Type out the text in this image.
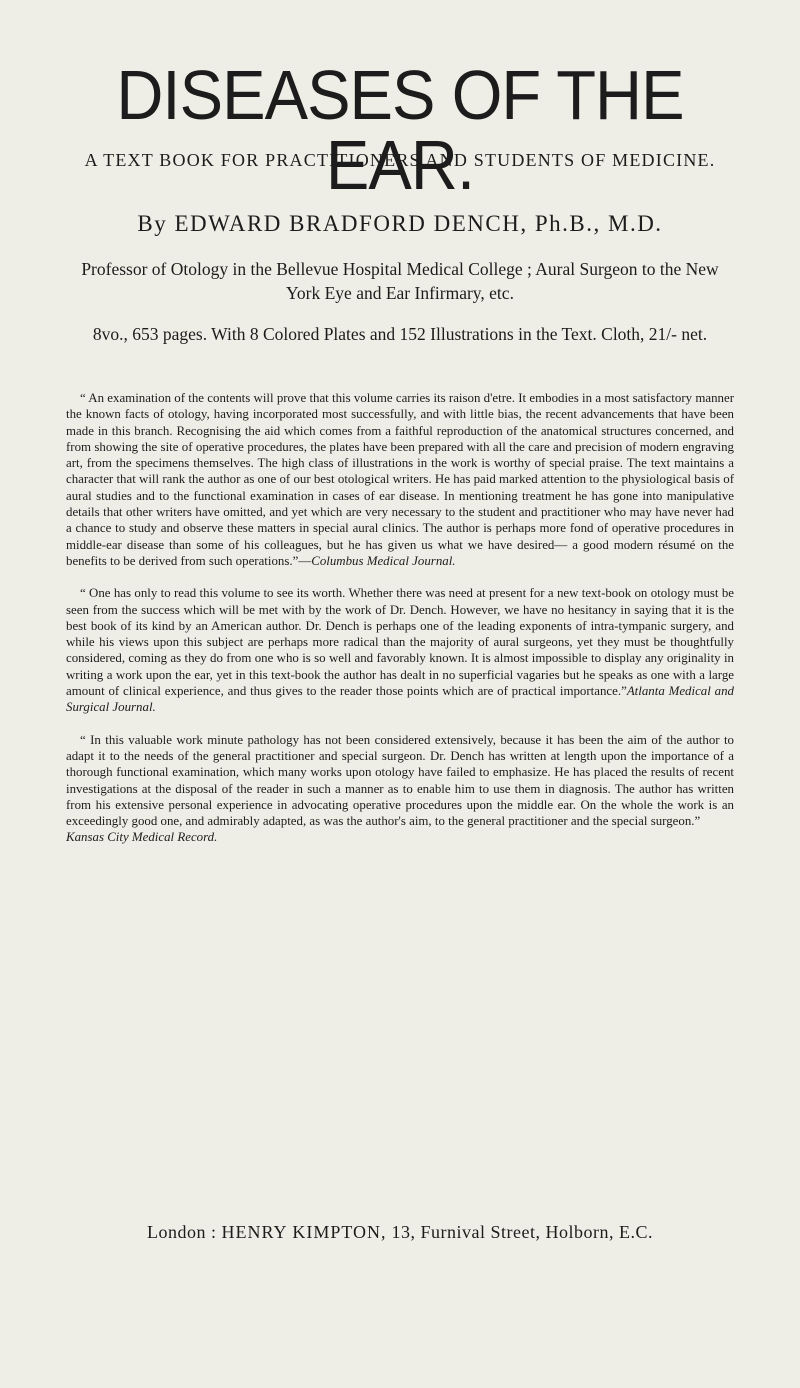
DISEASES OF THE EAR.
A TEXT BOOK FOR PRACTITIONERS AND STUDENTS OF MEDICINE.
By EDWARD BRADFORD DENCH, Ph.B., M.D.
Professor of Otology in the Bellevue Hospital Medical College ; Aural Surgeon to the New York Eye and Ear Infirmary, etc.
8vo., 653 pages. With 8 Colored Plates and 152 Illustrations in the Text. Cloth, 21/- net.

“ An examination of the contents will prove that this volume carries its raison d'etre. It embodies in a most satisfactory manner the known facts of otology, having incorporated most successfully, and with little bias, the recent advancements that have been made in this branch. Recognising the aid which comes from a faithful reproduction of the anatomical structures concerned, and from showing the site of operative procedures, the plates have been prepared with all the care and precision of modern engraving art, from the specimens themselves. The high class of illustrations in the work is worthy of special praise. The text maintains a character that will rank the author as one of our best otological writers. He has paid marked attention to the physiological basis of aural studies and to the functional examination in cases of ear disease. In mentioning treatment he has gone into manipulative details that other writers have omitted, and yet which are very necessary to the student and practitioner who may have never had a chance to study and observe these matters in special aural clinics. The author is perhaps more fond of operative procedures in middle-ear disease than some of his colleagues, but he has given us what we have desired— a good modern résumé on the benefits to be derived from such operations.”—Columbus Medical Journal.

“ One has only to read this volume to see its worth. Whether there was need at present for a new text-book on otology must be seen from the success which will be met with by the work of Dr. Dench. However, we have no hesitancy in saying that it is the best book of its kind by an American author. Dr. Dench is perhaps one of the leading exponents of intra-tympanic surgery, and while his views upon this subject are perhaps more radical than the majority of aural surgeons, yet they must be thoughtfully considered, coming as they do from one who is so well and favorably known. It is almost impossible to display any originality in writing a work upon the ear, yet in this text-book the author has dealt in no superficial vagaries but he speaks as one with a large amount of clinical experience, and thus gives to the reader those points which are of practical importance.”Atlanta Medical and Surgical Journal.

“ In this valuable work minute pathology has not been considered extensively, because it has been the aim of the author to adapt it to the needs of the general practitioner and special surgeon. Dr. Dench has written at length upon the importance of a thorough functional examination, which many works upon otology have failed to emphasize. He has placed the results of recent investigations at the disposal of the reader in such a manner as to enable him to use them in diagnosis. The author has written from his extensive personal experience in advocating operative procedures upon the middle ear. On the whole the work is an exceedingly good one, and admirably adapted, as was the author's aim, to the general practitioner and the special surgeon.”
Kansas City Medical Record.

London : HENRY KIMPTON, 13, Furnival Street, Holborn, E.C.
